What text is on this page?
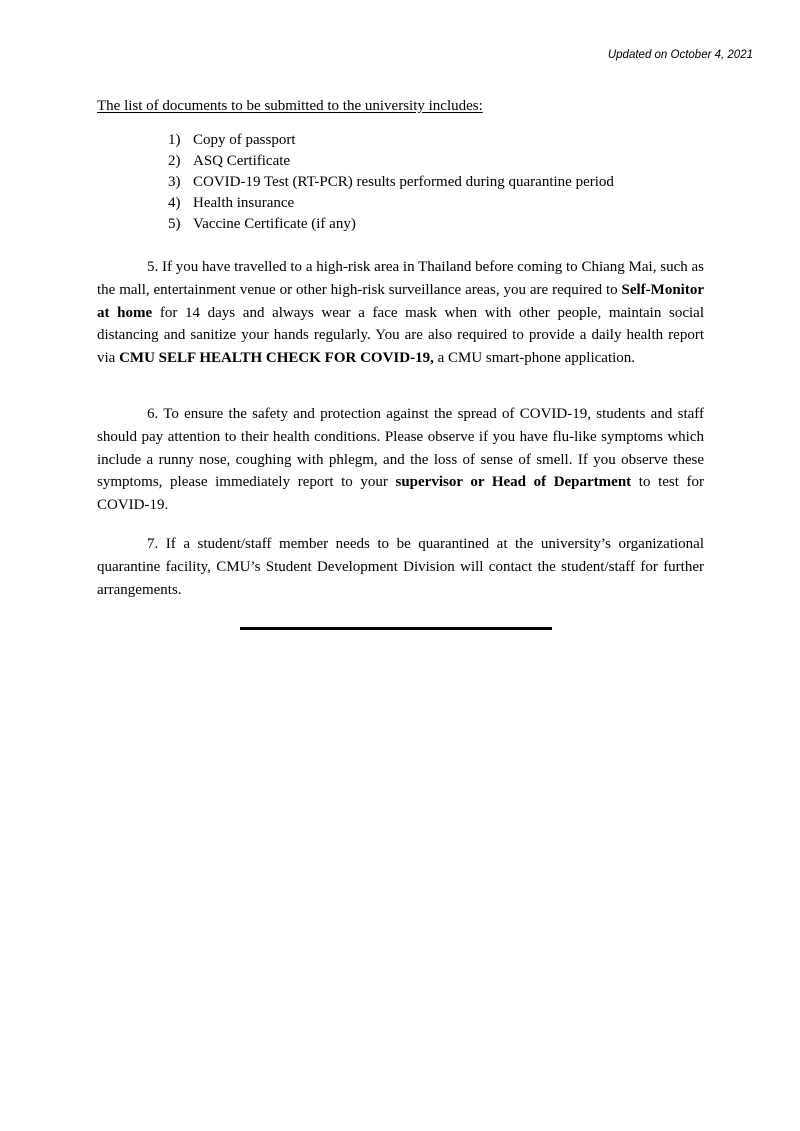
Updated on October 4, 2021
The list of documents to be submitted to the university includes:
1) Copy of passport
2) ASQ Certificate
3) COVID-19 Test (RT-PCR) results performed during quarantine period
4) Health insurance
5) Vaccine Certificate (if any)

5. If you have travelled to a high-risk area in Thailand before coming to Chiang Mai, such as the mall, entertainment venue or other high-risk surveillance areas, you are required to Self-Monitor at home for 14 days and always wear a face mask when with other people, maintain social distancing and sanitize your hands regularly. You are also required to provide a daily health report via CMU SELF HEALTH CHECK FOR COVID-19, a CMU smart-phone application.

6. To ensure the safety and protection against the spread of COVID-19, students and staff should pay attention to their health conditions. Please observe if you have flu-like symptoms which include a runny nose, coughing with phlegm, and the loss of sense of smell. If you observe these symptoms, please immediately report to your supervisor or Head of Department to test for COVID-19.

7. If a student/staff member needs to be quarantined at the university’s organizational quarantine facility, CMU’s Student Development Division will contact the student/staff for further arrangements.
